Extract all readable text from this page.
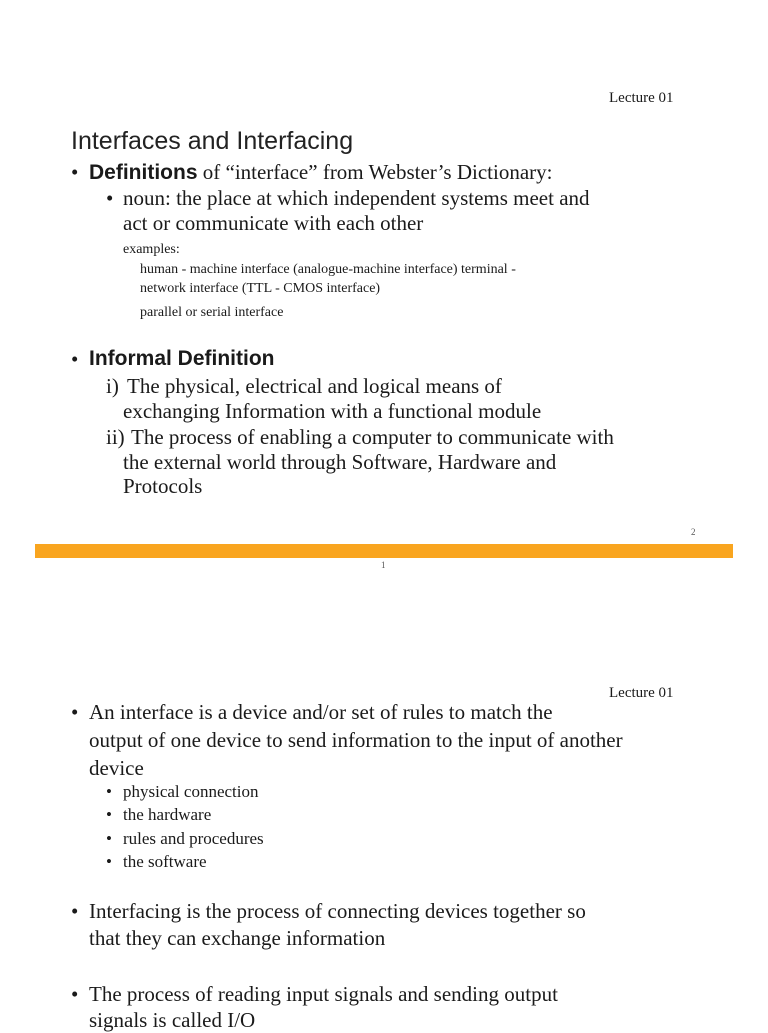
Lecture 01
Interfaces and Interfacing
• Definitions of “interface” from Webster’s Dictionary:
• noun: the place at which independent systems meet and
act or communicate with each other
examples:
human - machine interface (analogue-machine interface) terminal -
network interface (TTL - CMOS interface)
parallel or serial interface
• Informal Definition
i) The physical, electrical and logical means of
exchanging Information with a functional module
ii) The process of enabling a computer to communicate with
the external world through Software, Hardware and
Protocols
2
1
Lecture 01
• An interface is a device and/or set of rules to match the
output of one device to send information to the input of another
device
• physical connection
• the hardware
• rules and procedures
• the software
• Interfacing is the process of connecting devices together so
that they can exchange information
• The process of reading input signals and sending output
signals is called I/O
